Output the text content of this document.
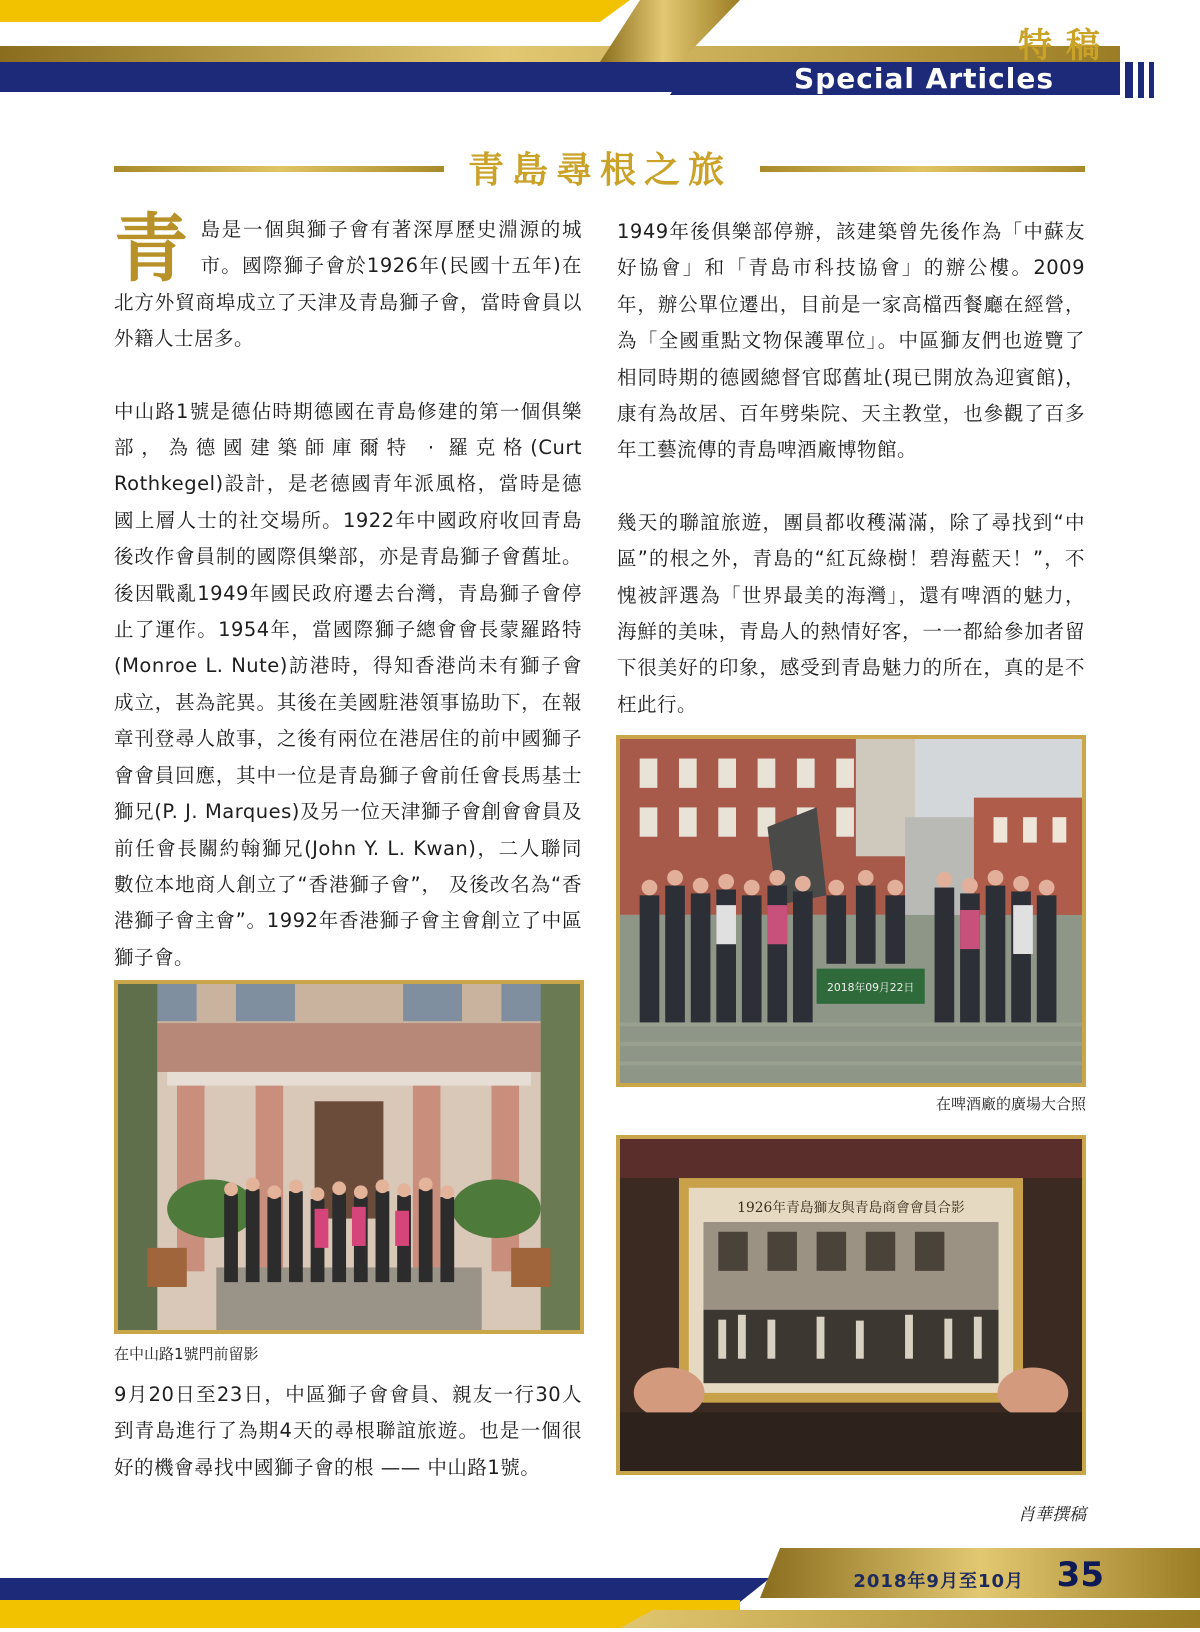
特稿
Special Articles
青島尋根之旅

青島是一個與獅子會有著深厚歷史淵源的城市。國際獅子會於1926年(民國十五年)在北方外貿商埠成立了天津及青島獅子會，當時會員以外籍人士居多。

中山路1號是德佔時期德國在青島修建的第一個俱樂部，為德國建築師庫爾特 · 羅克格(Curt Rothkegel)設計，是老德國青年派風格，當時是德國上層人士的社交場所。1922年中國政府收回青島後改作會員制的國際俱樂部，亦是青島獅子會舊址。後因戰亂1949年國民政府遷去台灣，青島獅子會停止了運作。1954年，當國際獅子總會會長蒙羅路特(Monroe L. Nute)訪港時，得知香港尚未有獅子會成立，甚為詫異。其後在美國駐港領事協助下，在報章刊登尋人啟事，之後有兩位在港居住的前中國獅子會會員回應，其中一位是青島獅子會前任會長馬基士獅兄(P. J. Marques)及另一位天津獅子會創會會員及前任會長關約翰獅兄(John Y. L. Kwan)，二人聯同數位本地商人創立了“香港獅子會”， 及後改名為“香港獅子會主會”。1992年香港獅子會主會創立了中區獅子會。

在中山路1號門前留影

9月20日至23日，中區獅子會會員、親友一行30人到青島進行了為期4天的尋根聯誼旅遊。也是一個很好的機會尋找中國獅子會的根 —— 中山路1號。

1949年後俱樂部停辦，該建築曾先後作為「中蘇友好協會」和「青島市科技協會」的辦公樓。2009年，辦公單位遷出，目前是一家高檔西餐廳在經營，為「全國重點文物保護單位」。中區獅友們也遊覽了相同時期的德國總督官邸舊址(現已開放為迎賓館)，康有為故居、百年劈柴院、天主教堂，也參觀了百多年工藝流傳的青島啤酒廠博物館。

幾天的聯誼旅遊，團員都收穫滿滿，除了尋找到“中區”的根之外，青島的“紅瓦綠樹！碧海藍天！”，不愧被評選為「世界最美的海灣」，還有啤酒的魅力，海鮮的美味，青島人的熱情好客，一一都給參加者留下很美好的印象，感受到青島魅力的所在，真的是不枉此行。

2018年09月22日
在啤酒廠的廣場大合照
1926年青島獅友與青島商會會員合影
肖華撰稿
2018年9月至10月 35
